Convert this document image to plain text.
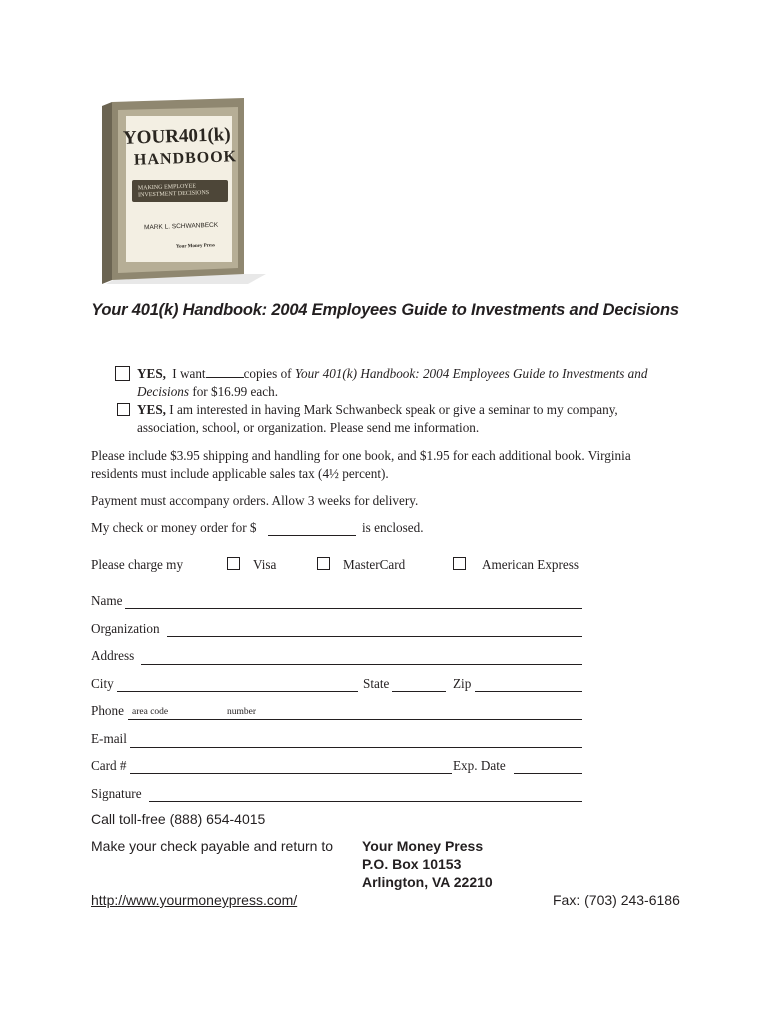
YOUR401(k)
HANDBOOK
MAKING EMPLOYEE INVESTMENT DECISIONS
MARK L. SCHWANBECK
Your Money Press
Your 401(k) Handbook: 2004 Employees Guide to Investments and Decisions
YES, I want	copies of Your 401(k) Handbook: 2004 Employees Guide to Investments and
Decisions for $16.99 each.
YES, I am interested in having Mark Schwanbeck speak or give a seminar to my company,
association, school, or organization. Please send me information.
Please include $3.95 shipping and handling for one book, and $1.95 for each additional book. Virginia
residents must include applicable sales tax (4½ percent).
Payment must accompany orders. Allow 3 weeks for delivery.
My check or money order for $	is enclosed.
Please charge my	Visa	MasterCard	American Express
Name
Organization
Address
City	State	Zip
Phone area code	number
E-mail
Card #	Exp. Date
Signature
Call toll-free (888) 654-4015
Make your check payable and return to Your Money Press
P.O. Box 10153
Arlington, VA 22210
http://www.yourmoneypress.com/	Fax: (703) 243-6186
